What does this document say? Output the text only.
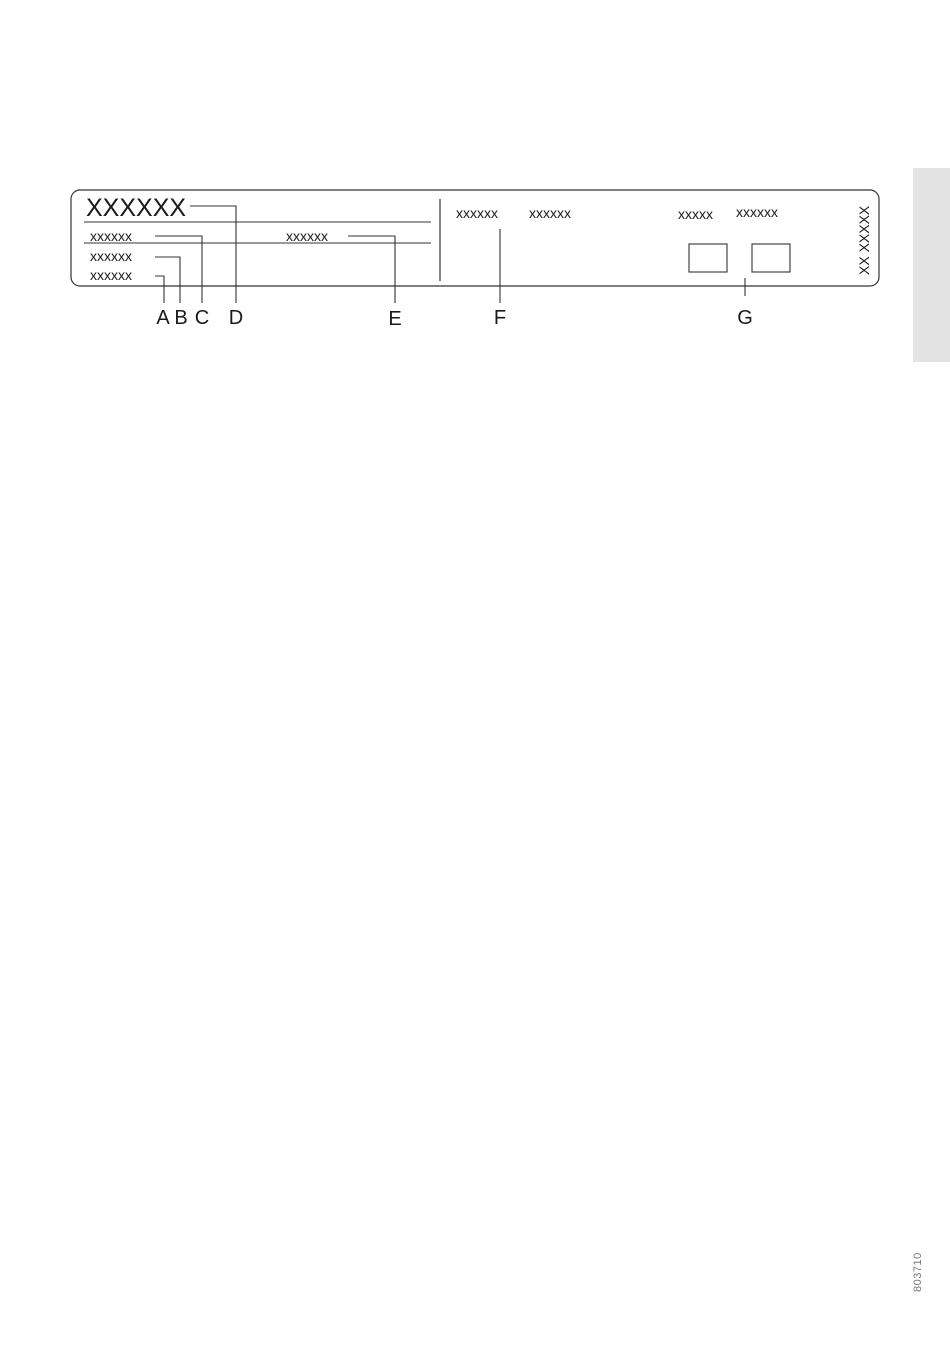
XXXXXX
xxxxxx
xxxxxx
xxxxxx
xxxxxx
xxxxxx xxxxxx	xxxxx xxxxxx	XX XXXXX
A B C D	E	F	G
803710
